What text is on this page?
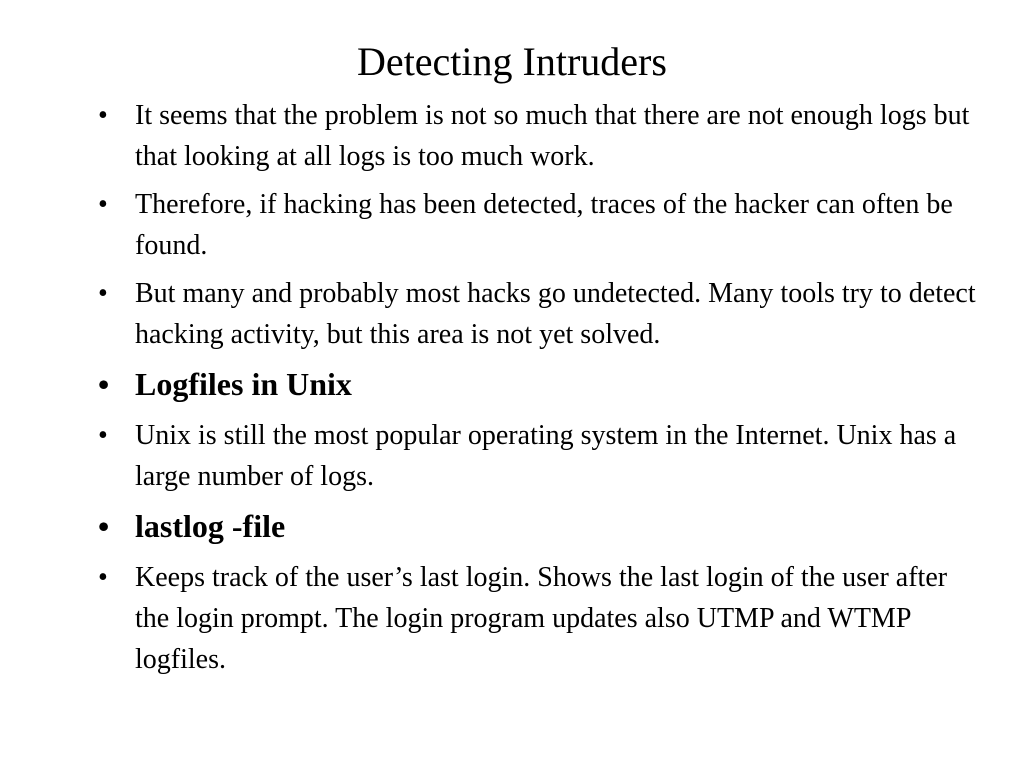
Detecting Intruders
• It seems that the problem is not so much that there are not enough logs but that looking at all logs is too much work.
• Therefore, if hacking has been detected, traces of the hacker can often be found.
• But many and probably most hacks go undetected. Many tools try to detect hacking activity, but this area is not yet solved.
• Logfiles in Unix
• Unix is still the most popular operating system in the Internet. Unix has a large number of logs.
• lastlog -file
• Keeps track of the user’s last login. Shows the last login of the user after the login prompt. The login program updates also UTMP and WTMP logfiles.
